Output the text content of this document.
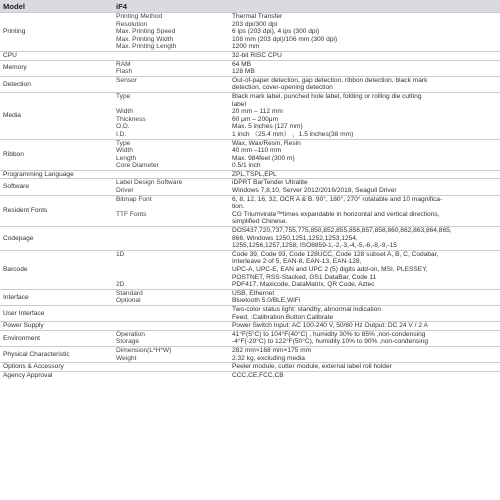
Model	iF4	
Printing	Printing Method	Thermal Transfer
	Resolution	203 dpi/300 dpi
	Max. Printing Speed	6 ips (203 dpi), 4 ips (300 dpi)
	Max. Printing Width	108 mm (203 dpi)/106 mm (300 dpi)
	Max. Printing Length	1200 mm
CPU		32-bit RISC CPU
Memory	RAM	64 MB
	Flash	128 MB
Detection	Sensor	Out-of-paper detection, gap detection, ribbon detection, black mark
detection, cover-opening detection
Media	Type	Black mark label, punched hole label, folding or rolling die cutting
label
	Width	20 mm – 112 mm
	Thickness	60 μm – 200μm
	O.D.	Max. 5 inches (127 mm)
	I.D.	1 inch （25.4 mm） ，1.5 inches(38 mm)
Ribbon	Type	Wax, Wax/Resin, Resin
	Width	40 mm –110 mm
	Length	Max. 984feet (300 m)
	Core Diameter	0.5/1 inch
Programming Language		ZPL,TSPL,EPL
Software	Label Design Software	iDPRT BarTender Ultralite
	Driver	Windows 7,8,10, Server 2012/2016/2018, Seagull Driver
Resident Fonts	Bitmap Font	6, 8, 12, 16, 32, OCR A & B. 90°, 180°, 270° rotatable and 10 magnifica-
tion.
	TTF Fonts	CG Triumvirate™times expandable in horizontal and vertical directions,
simplified Chinese.
Codepage		DOS437,720,737,755,775,850,852,855,856,857,858,860,862,863,864,865,
866, Windows 1250,1251,1252,1253,1254,
1255,1256,1257,1258, ISO8859-1,-2,-3,-4,-5,-6,-8,-9,-15
Barcode	1D	Code 39, Code 93, Code 128UCC, Code 128 subset A, B, C, Codabar,
Interleave 2 of 5, EAN-8, EAN-13, EAN-128,
UPC-A, UPC-E, EAN and UPC 2 (5) digits add-on, MSI, PLESSEY,
POSTNET, RSS-Stacked, GS1 DataBar, Code 11
	2D	PDF417, Maxicode, DataMatrix, QR Code, Aztec
Interface	Standard	USB, Ethernet
	Optional	Bluetooth 5.0/BLE,WiFi
User Interface		Two-color status light: standby, abnormal indication
Feed, :Calibration Button:Calibrate
Power Supply		Power Switch Input: AC 100-240 V, 50/60 Hz Output: DC 24 V / 2 A
Environment	Operation	41°F(5°C) to 104°F(40°C) , humidity 30% to 85% ,non-condensing
	Storage	-4°F(-20°C) to 122°F(50°C), humidity 10% to 90% ,non-condensing
Physical Characteristic	Dimension(L*H*W)	282 mm×168 mm×175 mm
	Weight	2.32 kg, excluding media
Options & Accessory		Peeler module, cutter module, external label roll holder
Agency Approval		CCC,CE,FCC,CB
